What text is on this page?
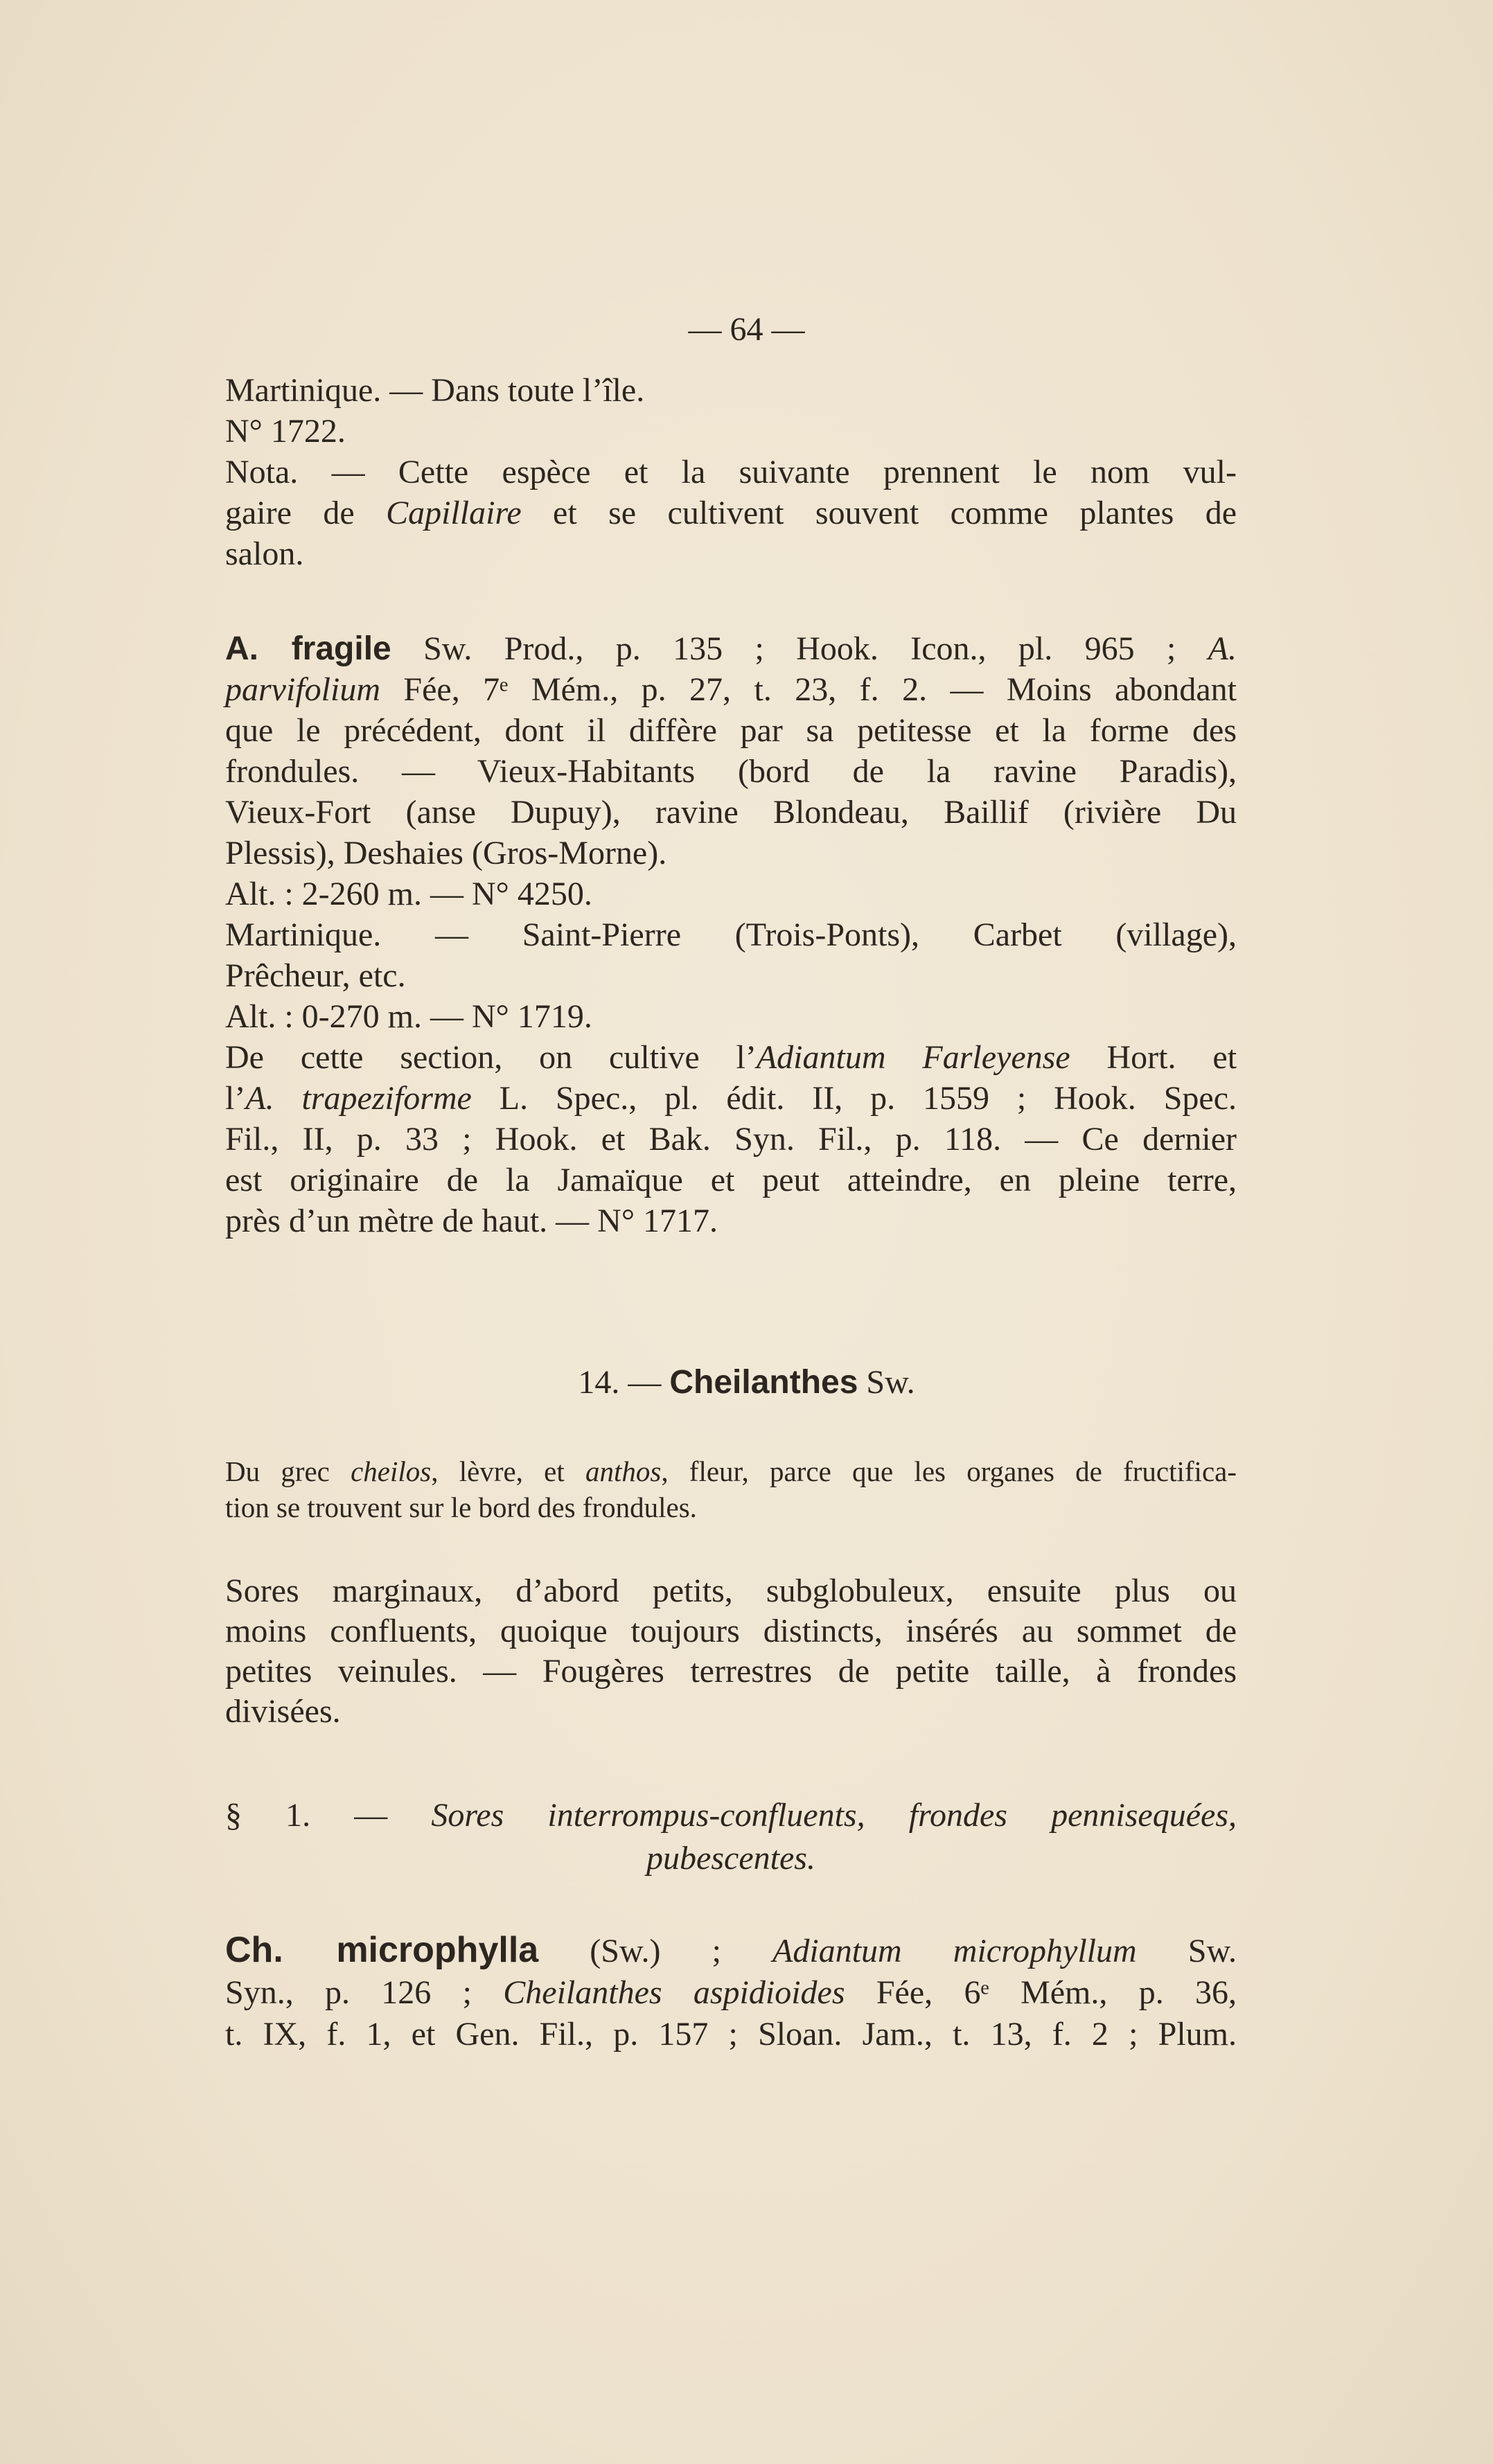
— 64 —
Martinique. — Dans toute l’île.
N° 1722.
Nota. — Cette espèce et la suivante prennent le nom vul-
gaire de Capillaire et se cultivent souvent comme plantes de
salon.
A. fragile Sw. Prod., p. 135 ; Hook. Icon., pl. 965 ; A.
parvifolium Fée, 7ᵉ Mém., p. 27, t. 23, f. 2. — Moins abondant
que le précédent, dont il diffère par sa petitesse et la forme des
frondules. — Vieux-Habitants (bord de la ravine Paradis),
Vieux-Fort (anse Dupuy), ravine Blondeau, Baillif (rivière Du
Plessis), Deshaies (Gros-Morne).
Alt. : 2-260 m. — N° 4250.
Martinique. — Saint-Pierre (Trois-Ponts), Carbet (village),
Prêcheur, etc.
Alt. : 0-270 m. — N° 1719.
De cette section, on cultive l’Adiantum Farleyense Hort. et
l’A. trapeziforme L. Spec., pl. édit. II, p. 1559 ; Hook. Spec.
Fil., II, p. 33 ; Hook. et Bak. Syn. Fil., p. 118. — Ce dernier
est originaire de la Jamaïque et peut atteindre, en pleine terre,
près d’un mètre de haut. — N° 1717.
14. — Cheilanthes Sw.
Du grec cheilos, lèvre, et anthos, fleur, parce que les organes de fructifica-
tion se trouvent sur le bord des frondules.
Sores marginaux, d’abord petits, subglobuleux, ensuite plus ou
moins confluents, quoique toujours distincts, insérés au sommet de
petites veinules. — Fougères terrestres de petite taille, à frondes
divisées.
§ 1. — Sores interrompus-confluents, frondes pennisequées,
pubescentes.
Ch. microphylla (Sw.) ; Adiantum microphyllum Sw.
Syn., p. 126 ; Cheilanthes aspidioides Fée, 6ᵉ Mém., p. 36,
t. IX, f. 1, et Gen. Fil., p. 157 ; Sloan. Jam., t. 13, f. 2 ; Plum.
